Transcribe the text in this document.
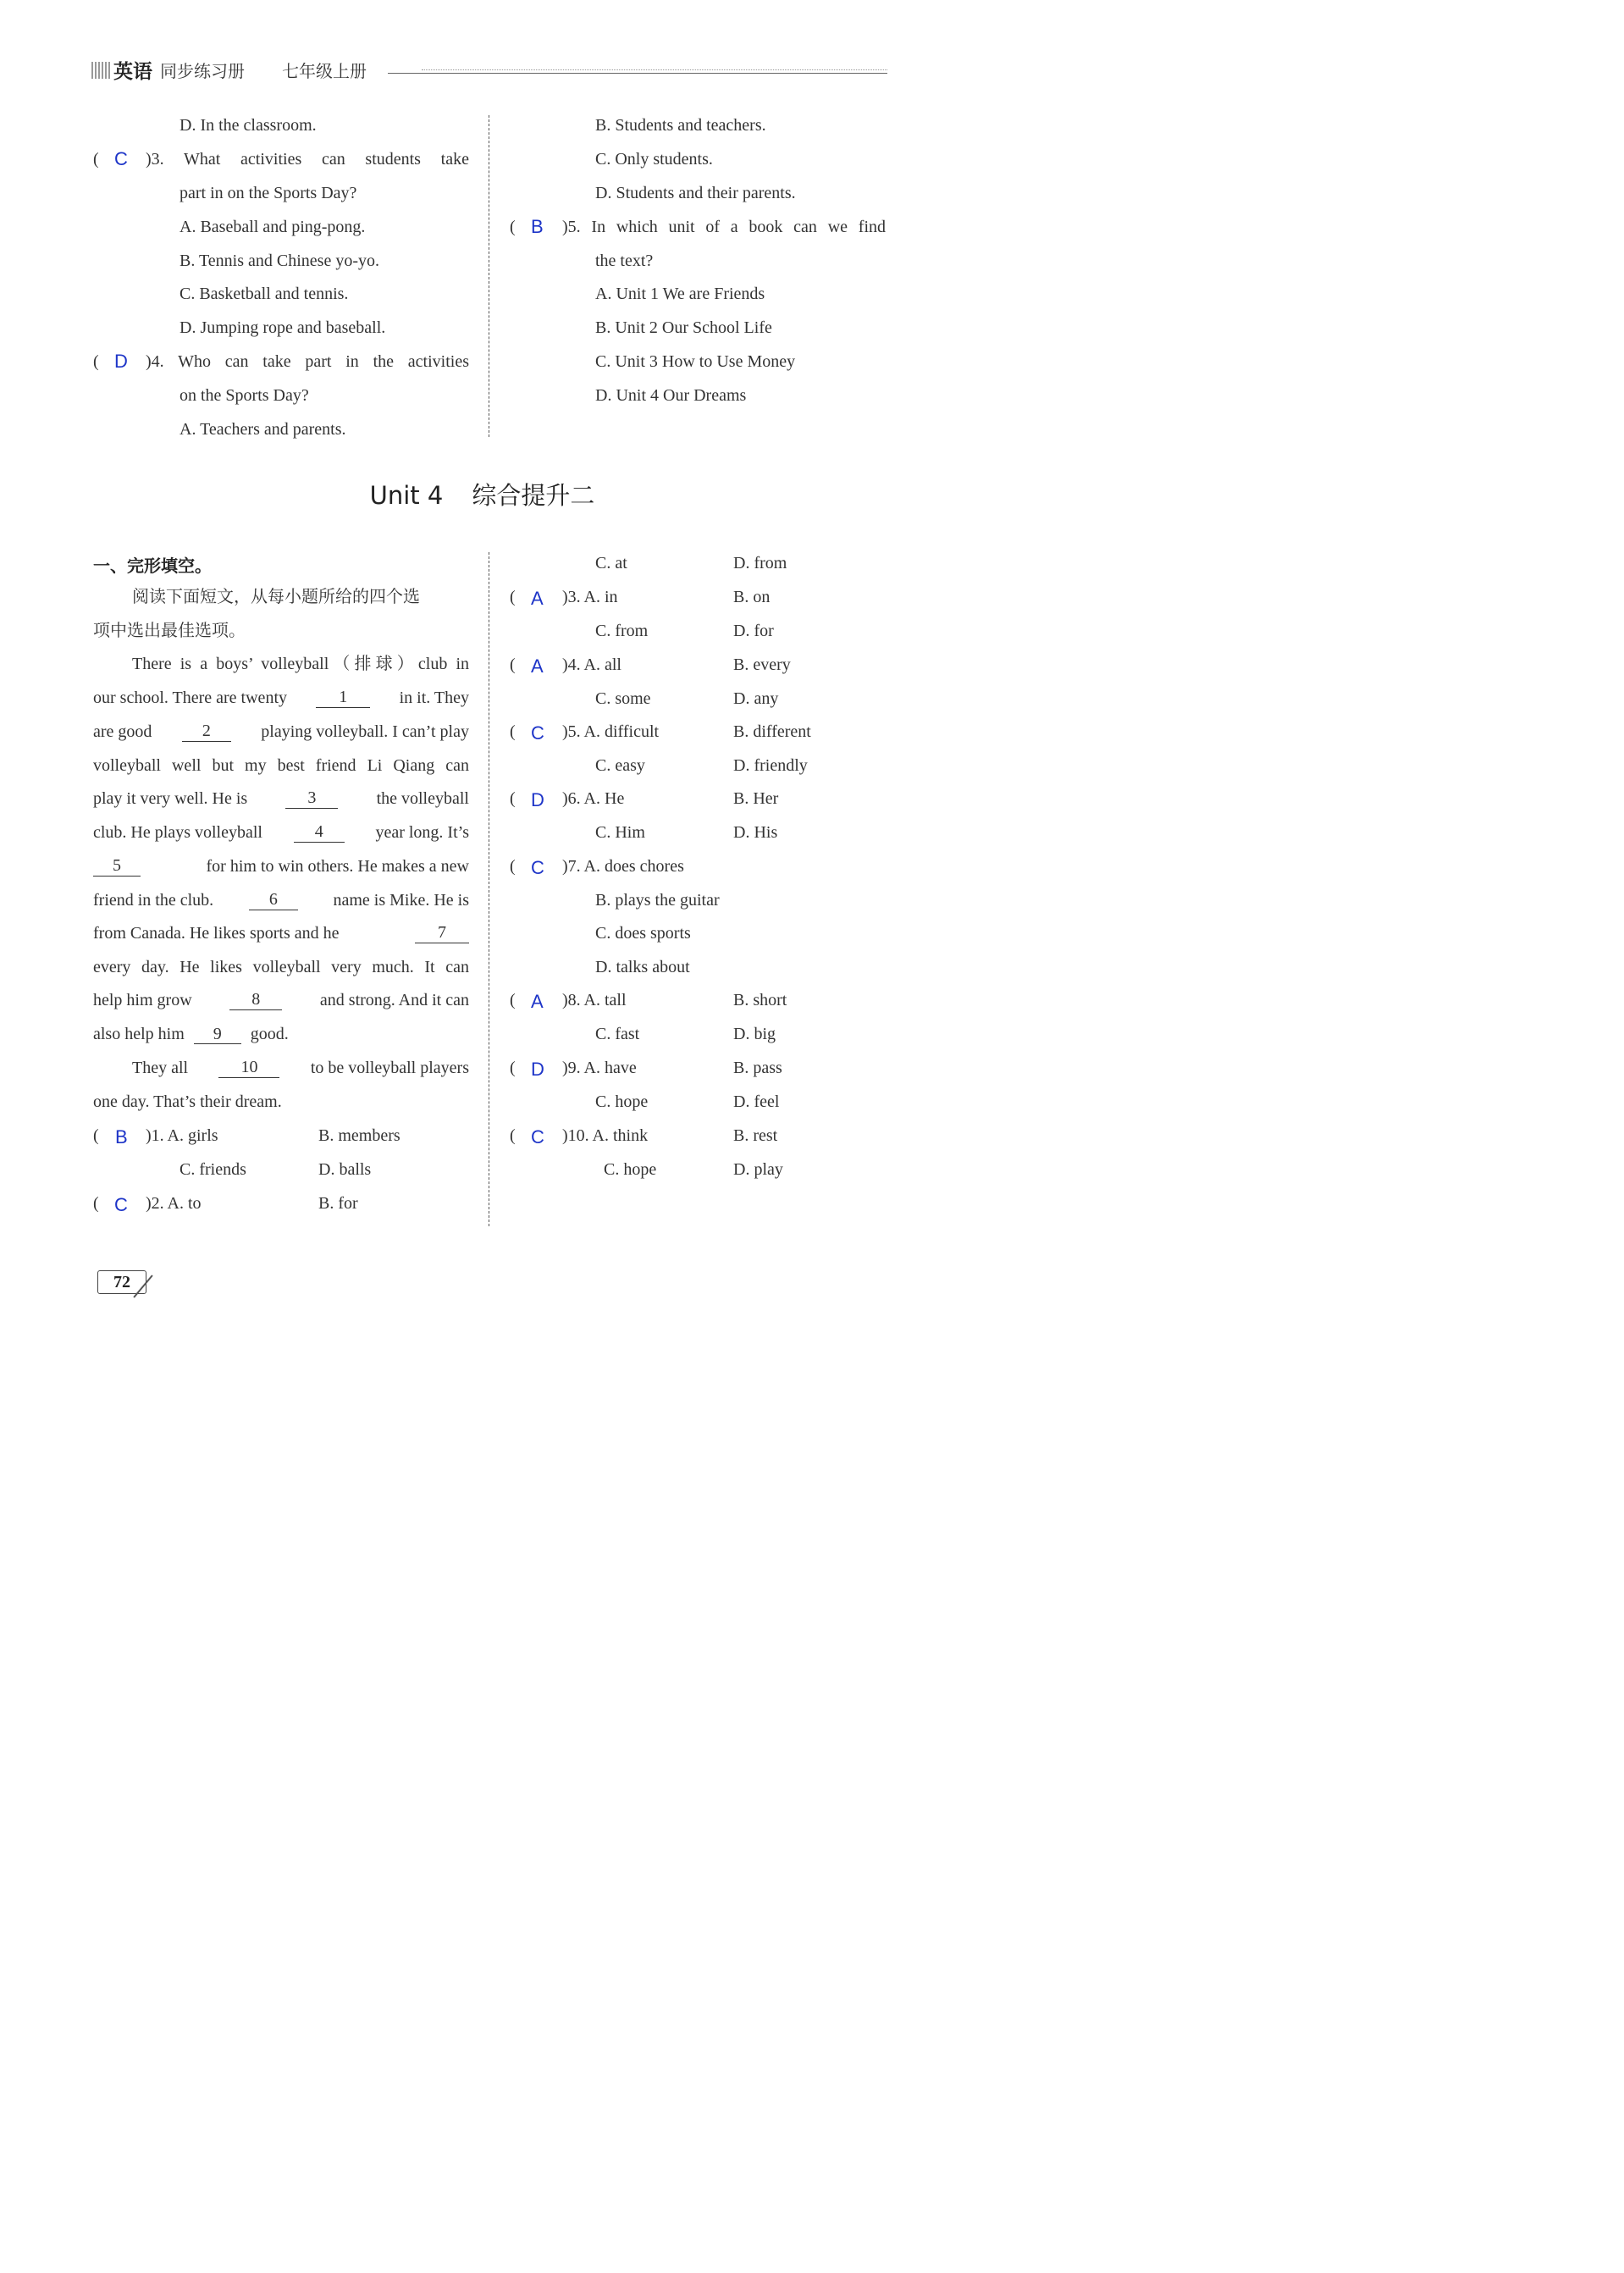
英语 同步练习册 七年级上册
D. In the classroom.
( C )3. What activities can students take
part in on the Sports Day?
A. Baseball and ping-pong.
B. Tennis and Chinese yo-yo.
C. Basketball and tennis.
D. Jumping rope and baseball.
( D )4. Who can take part in the activities
on the Sports Day?
A. Teachers and parents.
B. Students and teachers.
C. Only students.
D. Students and their parents.
( B )5. In which unit of a book can we find
the text?
A. Unit 1 We are Friends
B. Unit 2 Our School Life
C. Unit 3 How to Use Money
D. Unit 4 Our Dreams
Unit 4 综合提升二
一、完形填空。
阅读下面短文，从每小题所给的四个选
项中选出最佳选项。
There is a boys’ volleyball（排球）club in
our school. There are twenty	1	in it. They
are good	2	playing volleyball. I can’t play
volleyball well but my best friend Li Qiang can
play it very well. He is	3	the volleyball
club. He plays volleyball	4	year long. It’s
5	for him to win others. He makes a new
friend in the club.	6	name is Mike. He is
from Canada. He likes sports and he	7
every day. He likes volleyball very much. It can
help him grow	8	and strong. And it can
also help him 9 good.
They all	10	to be volleyball players
one day. That’s their dream.
( B )1. A. girls	B. members
C. friends	D. balls
( C )2. A. to	B. for
C. at	D. from
( A )3. A. in	B. on
C. from	D. for
( A )4. A. all	B. every
C. some	D. any
( C )5. A. difficult	B. different
C. easy	D. friendly
( D )6. A. He	B. Her
C. Him	D. His
( C )7. A. does chores
B. plays the guitar
C. does sports
D. talks about
( A )8. A. tall	B. short
C. fast	D. big
( D )9. A. have	B. pass
C. hope	D. feel
( C )10. A. think	B. rest
C. hope	D. play
72
